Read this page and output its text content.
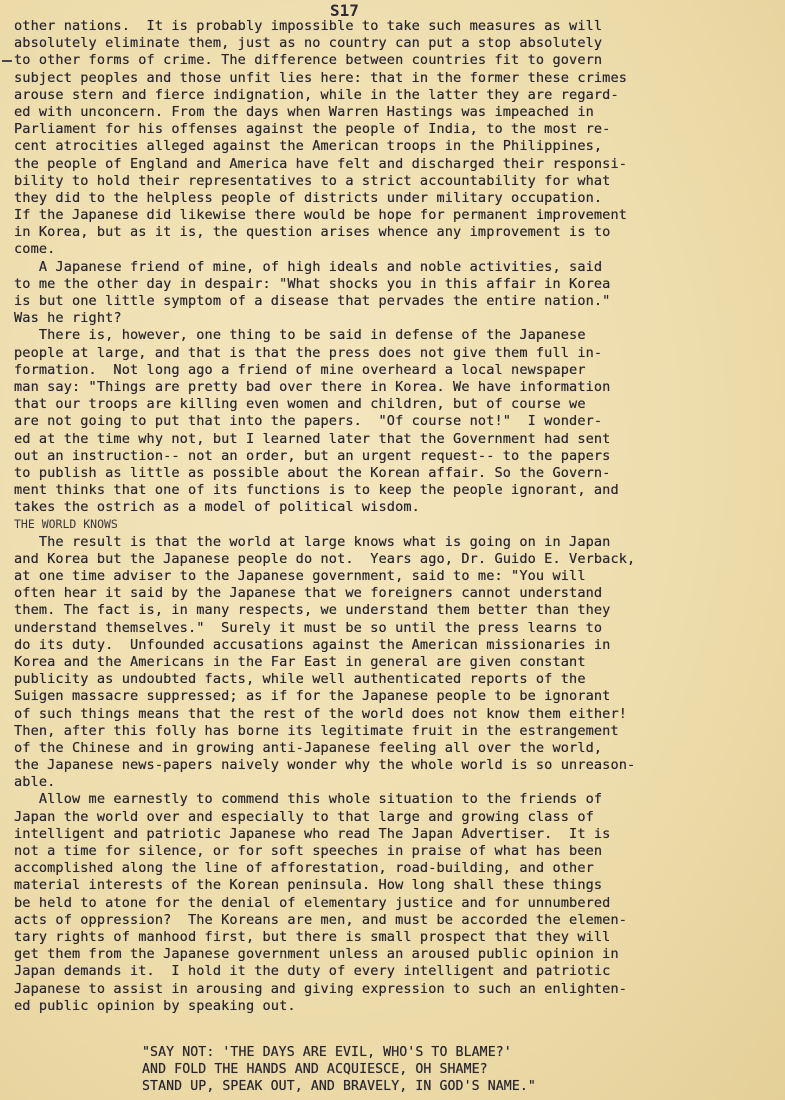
S17
other nations.  It is probably impossible to take such measures as will
absolutely eliminate them, just as no country can put a stop absolutely
to other forms of crime. The difference between countries fit to govern
subject peoples and those unfit lies here: that in the former these crimes
arouse stern and fierce indignation, while in the latter they are regard-
ed with unconcern. From the days when Warren Hastings was impeached in
Parliament for his offenses against the people of India, to the most re-
cent atrocities alleged against the American troops in the Philippines,
the people of England and America have felt and discharged their responsi-
bility to hold their representatives to a strict accountability for what
they did to the helpless people of districts under military occupation.
If the Japanese did likewise there would be hope for permanent improvement
in Korea, but as it is, the question arises whence any improvement is to
come.
A Japanese friend of mine, of high ideals and noble activities, said
to me the other day in despair: "What shocks you in this affair in Korea
is but one little symptom of a disease that pervades the entire nation."
Was he right?
There is, however, one thing to be said in defense of the Japanese
people at large, and that is that the press does not give them full in-
formation.  Not long ago a friend of mine overheard a local newspaper
man say: "Things are pretty bad over there in Korea. We have information
that our troops are killing even women and children, but of course we
are not going to put that into the papers.  "Of course not!"  I wonder-
ed at the time why not, but I learned later that the Government had sent
out an instruction-- not an order, but an urgent request-- to the papers
to publish as little as possible about the Korean affair. So the Govern-
ment thinks that one of its functions is to keep the people ignorant, and
takes the ostrich as a model of political wisdom.
THE WORLD KNOWS
The result is that the world at large knows what is going on in Japan
and Korea but the Japanese people do not.  Years ago, Dr. Guido E. Verback,
at one time adviser to the Japanese government, said to me: "You will
often hear it said by the Japanese that we foreigners cannot understand
them. The fact is, in many respects, we understand them better than they
understand themselves."  Surely it must be so until the press learns to
do its duty.  Unfounded accusations against the American missionaries in
Korea and the Americans in the Far East in general are given constant
publicity as undoubted facts, while well authenticated reports of the
Suigen massacre suppressed; as if for the Japanese people to be ignorant
of such things means that the rest of the world does not know them either!
Then, after this folly has borne its legitimate fruit in the estrangement
of the Chinese and in growing anti-Japanese feeling all over the world,
the Japanese news-papers naively wonder why the whole world is so unreason-
able.
Allow me earnestly to commend this whole situation to the friends of
Japan the world over and especially to that large and growing class of
intelligent and patriotic Japanese who read The Japan Advertiser.  It is
not a time for silence, or for soft speeches in praise of what has been
accomplished along the line of afforestation, road-building, and other
material interests of the Korean peninsula. How long shall these things
be held to atone for the denial of elementary justice and for unnumbered
acts of oppression?  The Koreans are men, and must be accorded the elemen-
tary rights of manhood first, but there is small prospect that they will
get them from the Japanese government unless an aroused public opinion in
Japan demands it.  I hold it the duty of every intelligent and patriotic
Japanese to assist in arousing and giving expression to such an enlighten-
ed public opinion by speaking out.
"SAY NOT: 'THE DAYS ARE EVIL, WHO'S TO BLAME?'
AND FOLD THE HANDS AND ACQUIESCE, OH SHAME?
STAND UP, SPEAK OUT, AND BRAVELY, IN GOD'S NAME."
